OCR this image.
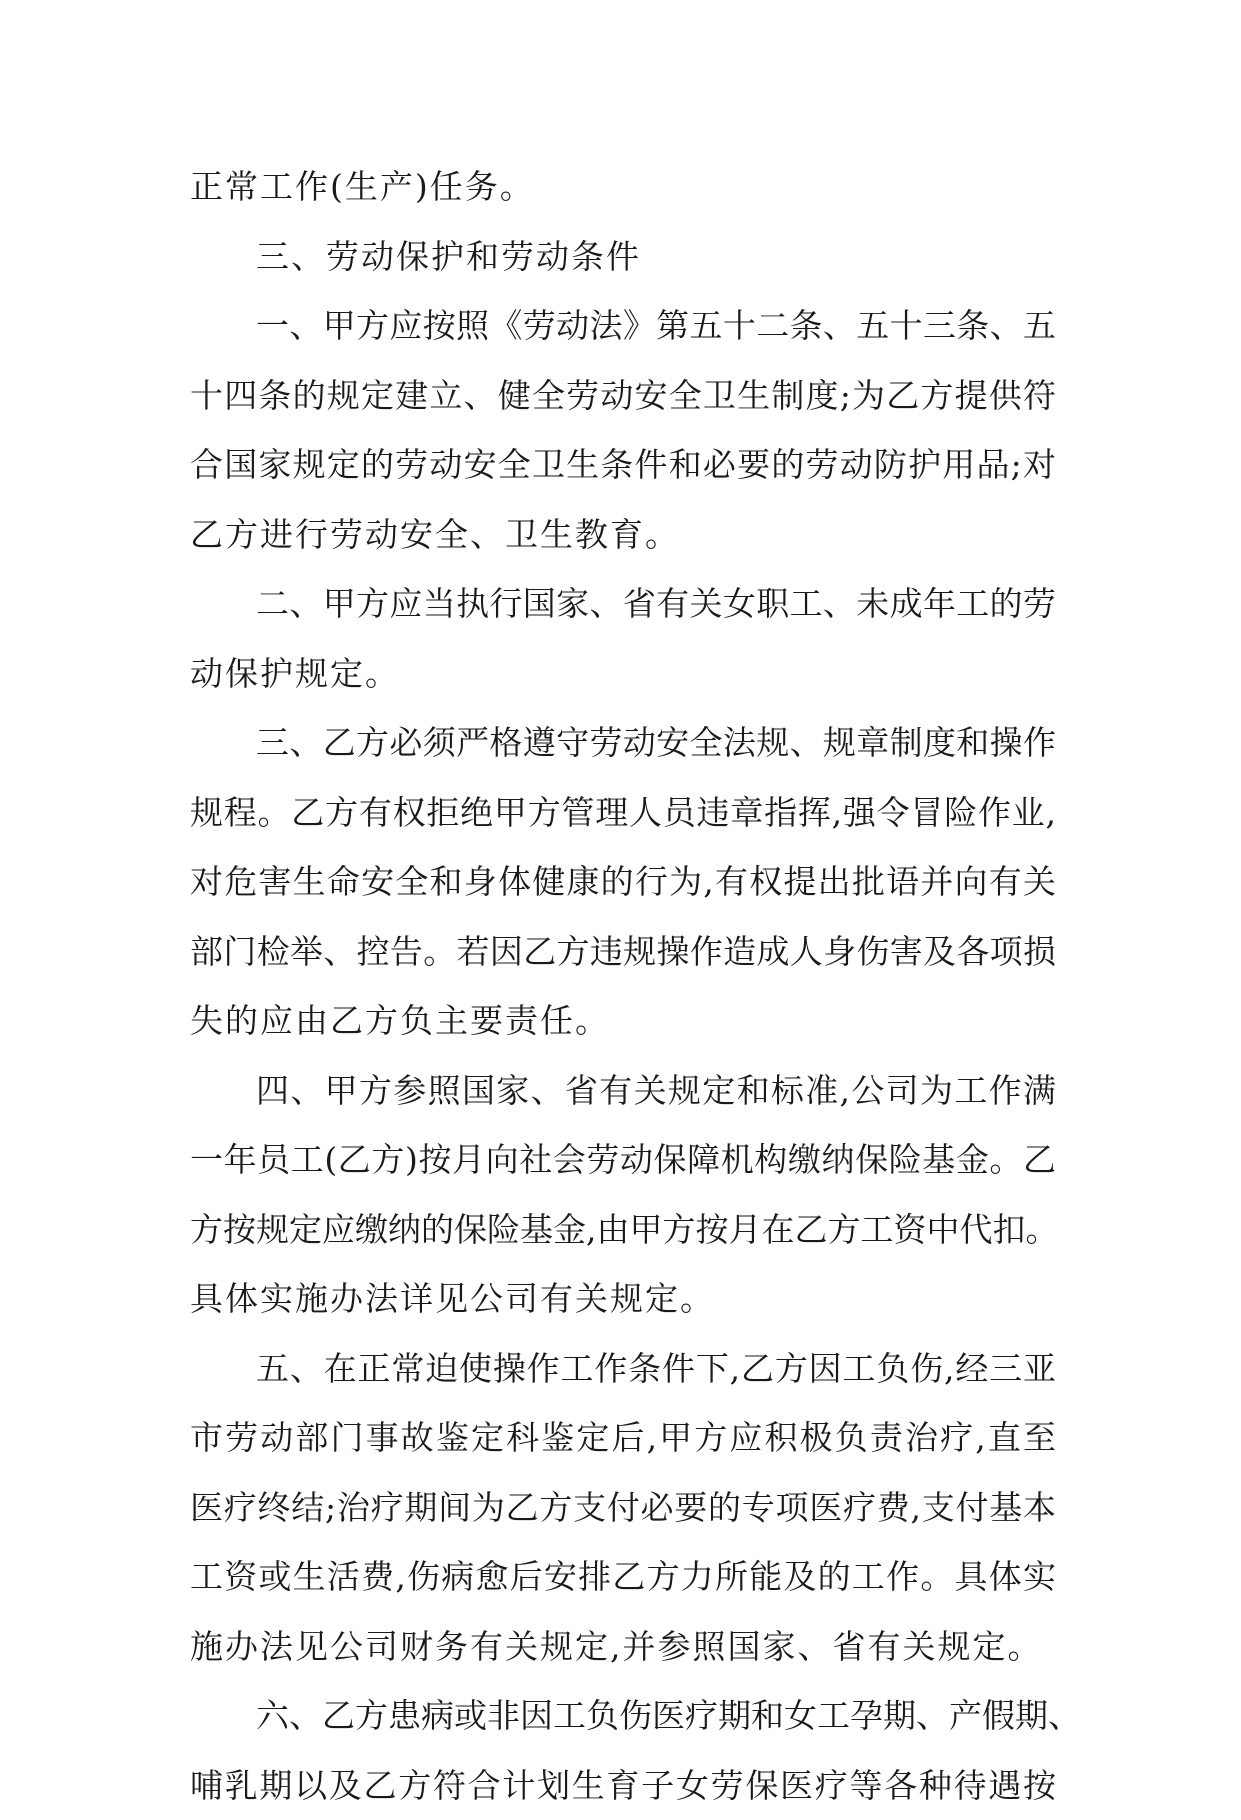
正常工作(生产)任务。
三、劳动保护和劳动条件
一、甲方应按照《劳动法》第五十二条、五十三条、五
十四条的规定建立、健全劳动安全卫生制度;为乙方提供符
合国家规定的劳动安全卫生条件和必要的劳动防护用品;对
乙方进行劳动安全、卫生教育。
二、甲方应当执行国家、省有关女职工、未成年工的劳
动保护规定。
三、乙方必须严格遵守劳动安全法规、规章制度和操作
规程。乙方有权拒绝甲方管理人员违章指挥,强令冒险作业,
对危害生命安全和身体健康的行为,有权提出批语并向有关
部门检举、控告。若因乙方违规操作造成人身伤害及各项损
失的应由乙方负主要责任。
四、甲方参照国家、省有关规定和标准,公司为工作满
一年员工(乙方)按月向社会劳动保障机构缴纳保险基金。乙
方按规定应缴纳的保险基金,由甲方按月在乙方工资中代扣。
具体实施办法详见公司有关规定。
五、在正常迫使操作工作条件下,乙方因工负伤,经三亚
市劳动部门事故鉴定科鉴定后,甲方应积极负责治疗,直至
医疗终结;治疗期间为乙方支付必要的专项医疗费,支付基本
工资或生活费,伤病愈后安排乙方力所能及的工作。具体实
施办法见公司财务有关规定,并参照国家、省有关规定。
六、乙方患病或非因工负伤医疗期和女工孕期、产假期、
哺乳期以及乙方符合计划生育子女劳保医疗等各种待遇按
